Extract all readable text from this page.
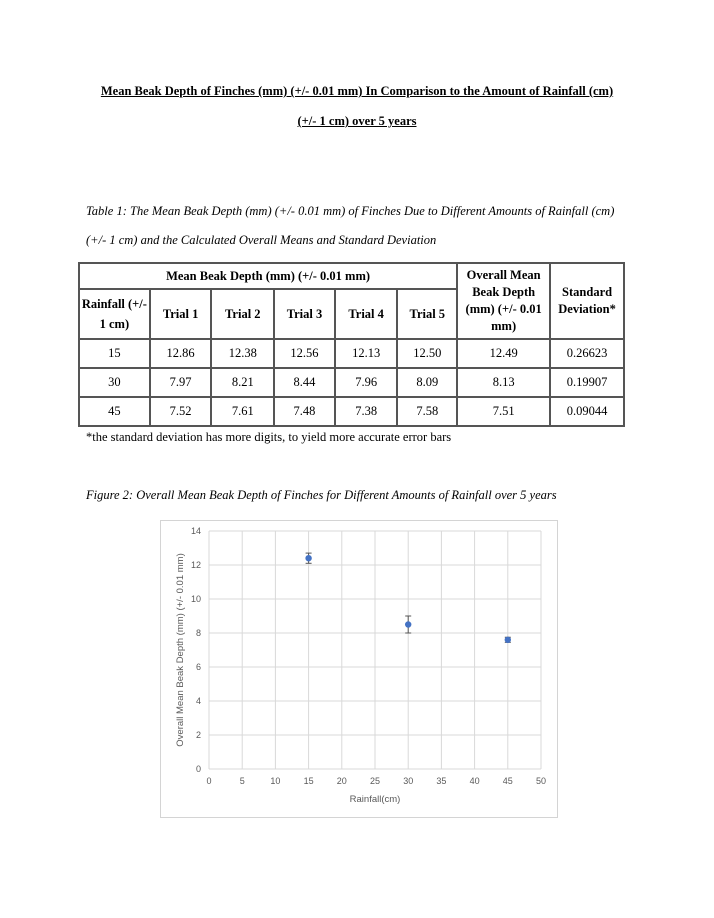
Mean Beak Depth of Finches (mm) (+/- 0.01 mm) In Comparison to the Amount of Rainfall (cm)
(+/- 1 cm) over 5 years
Table 1: The Mean Beak Depth (mm) (+/- 0.01 mm) of Finches Due to Different Amounts of Rainfall (cm)
(+/- 1 cm) and the Calculated Overall Means and Standard Deviation
Mean Beak Depth (mm) (+/- 0.01 mm)						Overall Mean Beak Depth (mm) (+/- 0.01 mm)	Standard Deviation*
Rainfall (+/- 1 cm)	Trial 1	Trial 2	Trial 3	Trial 4	Trial 5		
15	12.86	12.38	12.56	12.13	12.50	12.49	0.26623
30	7.97	8.21	8.44	7.96	8.09	8.13	0.19907
45	7.52	7.61	7.48	7.38	7.58	7.51	0.09044
*the standard deviation has more digits, to yield more accurate error bars
Figure 2: Overall Mean Beak Depth of Finches for Different Amounts of Rainfall over 5 years
0
2
4
6
8
10
12
14
0	5	10	15	20	25	30	35	40	45	50
Rainfall(cm)
Overall Mean Beak Depth (mm) (+/- 0.01 mm)
